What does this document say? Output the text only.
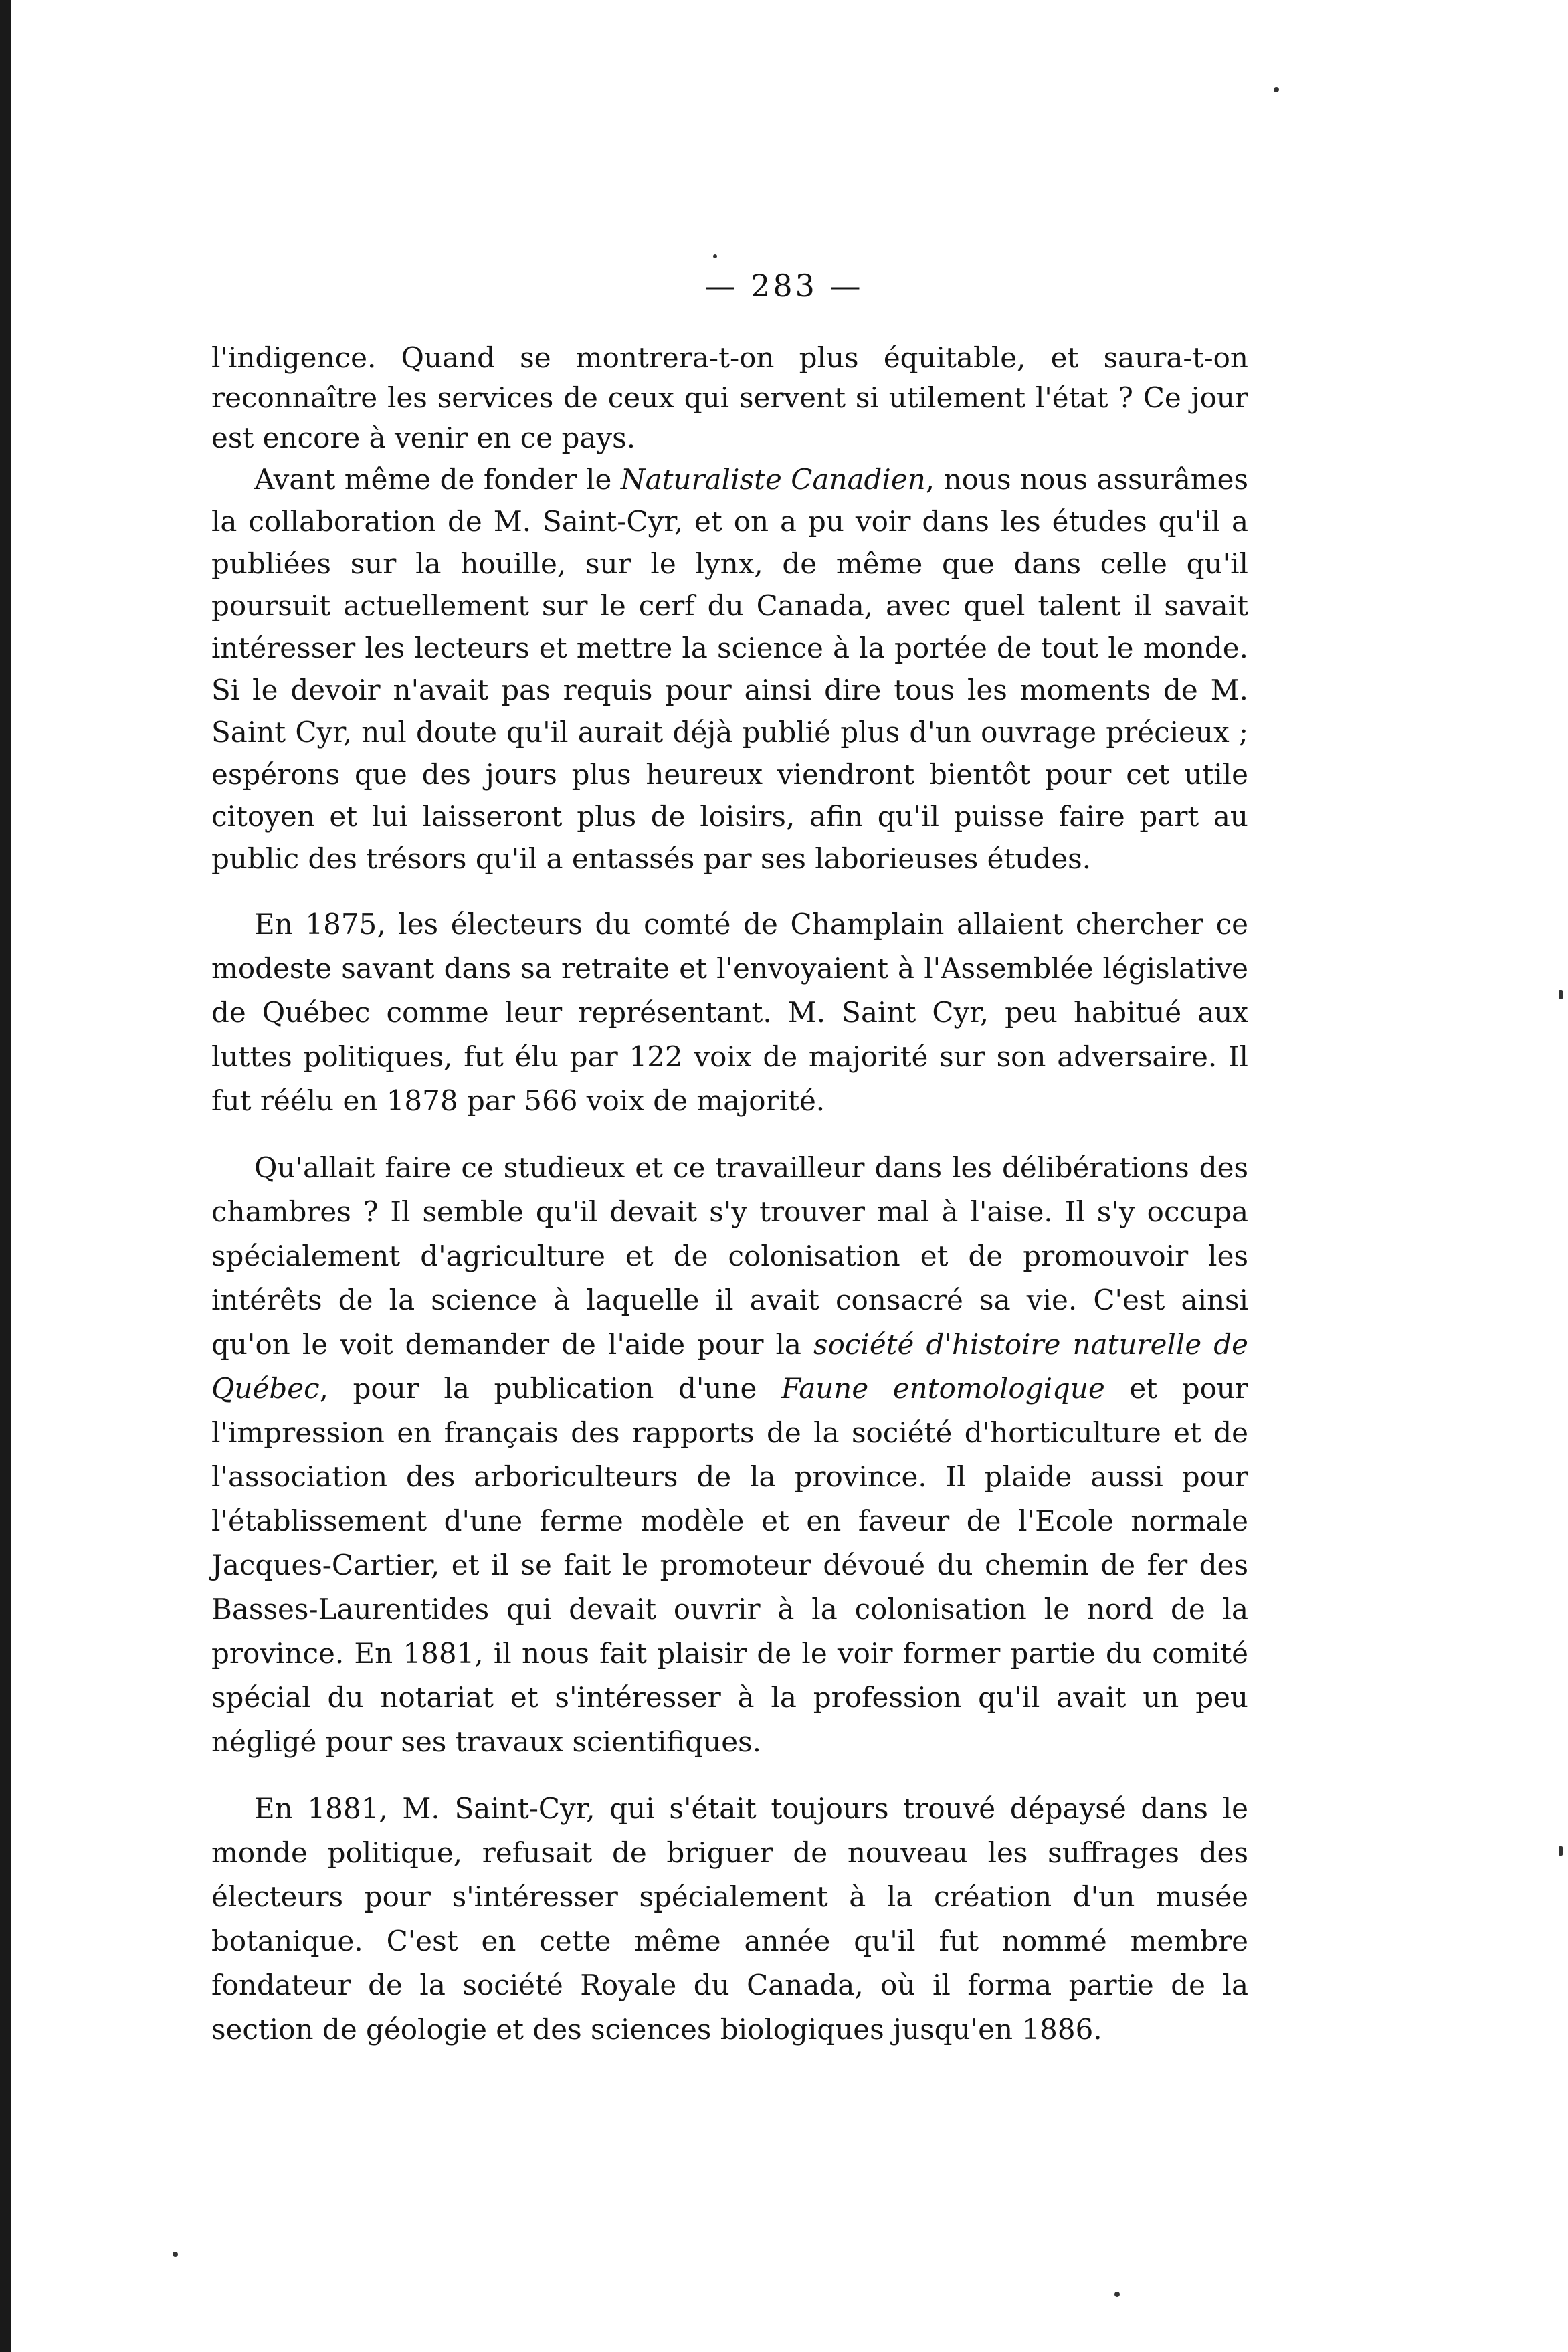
— 283 —

l'indigence. Quand se montrera-t-on plus équitable, et saura-t-on reconnaître les services de ceux qui servent si utilement l'état ? Ce jour est encore à venir en ce pays.

Avant même de fonder le Naturaliste Canadien, nous nous assurâmes la collaboration de M. Saint-Cyr, et on a pu voir dans les études qu'il a publiées sur la houille, sur le lynx, de même que dans celle qu'il poursuit actuellement sur le cerf du Canada, avec quel talent il savait intéresser les lecteurs et mettre la science à la portée de tout le monde. Si le devoir n'avait pas requis pour ainsi dire tous les moments de M. Saint Cyr, nul doute qu'il aurait déjà publié plus d'un ouvrage précieux ; espérons que des jours plus heureux viendront bientôt pour cet utile citoyen et lui laisseront plus de loisirs, afin qu'il puisse faire part au public des trésors qu'il a entassés par ses laborieuses études.

En 1875, les électeurs du comté de Champlain allaient chercher ce modeste savant dans sa retraite et l'envoyaient à l'Assemblée législative de Québec comme leur représentant. M. Saint Cyr, peu habitué aux luttes politiques, fut élu par 122 voix de majorité sur son adversaire. Il fut réélu en 1878 par 566 voix de majorité.

Qu'allait faire ce studieux et ce travailleur dans les délibérations des chambres ? Il semble qu'il devait s'y trouver mal à l'aise. Il s'y occupa spécialement d'agriculture et de colonisation et de promouvoir les intérêts de la science à laquelle il avait consacré sa vie. C'est ainsi qu'on le voit demander de l'aide pour la société d'histoire naturelle de Québec, pour la publication d'une Faune entomologique et pour l'impression en français des rapports de la société d'horticulture et de l'association des arboriculteurs de la province. Il plaide aussi pour l'établissement d'une ferme modèle et en faveur de l'Ecole normale Jacques-Cartier, et il se fait le promoteur dévoué du chemin de fer des Basses-Laurentides qui devait ouvrir à la colonisation le nord de la province. En 1881, il nous fait plaisir de le voir former partie du comité spécial du notariat et s'intéresser à la profession qu'il avait un peu négligé pour ses travaux scientifiques.

En 1881, M. Saint-Cyr, qui s'était toujours trouvé dépaysé dans le monde politique, refusait de briguer de nouveau les suffrages des électeurs pour s'intéresser spécialement à la création d'un musée botanique. C'est en cette même année qu'il fut nommé membre fondateur de la société Royale du Canada, où il forma partie de la section de géologie et des sciences biologiques jusqu'en 1886.
